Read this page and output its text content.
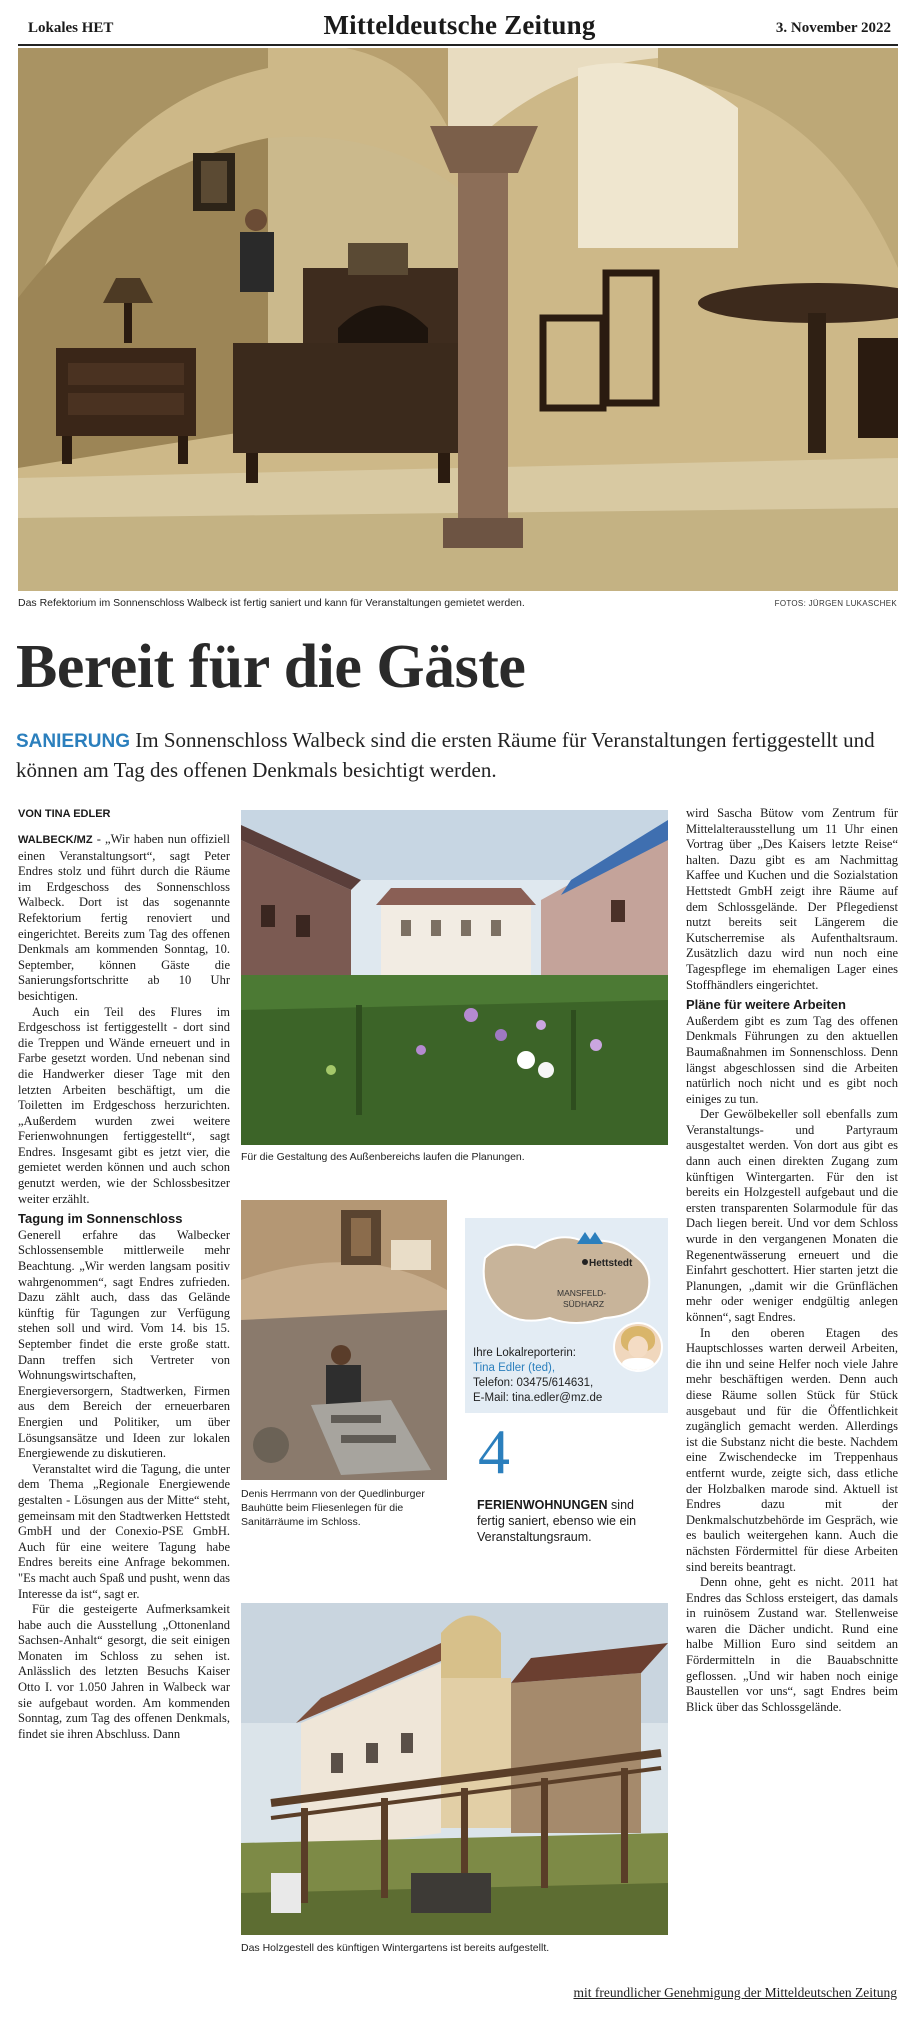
Lokales HET	Mitteldeutsche Zeitung	3. November 2022
Das Refektorium im Sonnenschloss Walbeck ist fertig saniert und kann für Veranstaltungen gemietet werden.	FOTOS: JÜRGEN LUKASCHEK
Bereit für die Gäste
SANIERUNG Im Sonnenschloss Walbeck sind die ersten Räume für Veranstaltungen fertiggestellt und können am Tag des offenen Denkmals besichtigt werden.
VON TINA EDLER

WALBECK/MZ - „Wir haben nun offiziell einen Veranstaltungsort“, sagt Peter Endres stolz und führt durch die Räume im Erdgeschoss des Sonnenschloss Walbeck. Dort ist das sogenannte Refektorium fertig renoviert und eingerichtet. Bereits zum Tag des offenen Denkmals am kommenden Sonntag, 10. September, können Gäste die Sanierungsfortschritte ab 10 Uhr besichtigen.

Auch ein Teil des Flures im Erdgeschoss ist fertiggestellt - dort sind die Treppen und Wände erneuert und in Farbe gesetzt worden. Und nebenan sind die Handwerker dieser Tage mit den letzten Arbeiten beschäftigt, um die Toiletten im Erdgeschoss herzurichten. „Außerdem wurden zwei weitere Ferienwohnungen fertiggestellt“, sagt Endres. Insgesamt gibt es jetzt vier, die gemietet werden können und auch schon genutzt werden, wie der Schlossbesitzer weiter erzählt.

Tagung im Sonnenschloss

Generell erfahre das Walbecker Schlossensemble mittlerweile mehr Beachtung. „Wir werden langsam positiv wahrgenommen“, sagt Endres zufrieden. Dazu zählt auch, dass das Gelände künftig für Tagungen zur Verfügung stehen soll und wird. Vom 14. bis 15. September findet die erste große statt. Dann treffen sich Vertreter von Wohnungswirtschaften, Energieversorgern, Stadtwerken, Firmen aus dem Bereich der erneuerbaren Energien und Politiker, um über Lösungsansätze und Ideen zur lokalen Energiewende zu diskutieren.

Veranstaltet wird die Tagung, die unter dem Thema „Regionale Energiewende gestalten - Lösungen aus der Mitte“ steht, gemeinsam mit den Stadtwerken Hettstedt GmbH und der Conexio-PSE GmbH. Auch für eine weitere Tagung habe Endres bereits eine Anfrage bekommen. "Es macht auch Spaß und pusht, wenn das Interesse da ist“, sagt er.

Für die gesteigerte Aufmerksamkeit habe auch die Ausstellung „Ottonenland Sachsen-Anhalt“ gesorgt, die seit einigen Monaten im Schloss zu sehen ist. Anlässlich des letzten Besuchs Kaiser Otto I. vor 1.050 Jahren in Walbeck war sie aufgebaut worden. Am kommenden Sonntag, zum Tag des offenen Denkmals, findet sie ihren Abschluss. Dann

Für die Gestaltung des Außenbereichs laufen die Planungen.
Denis Herrmann von der Quedlinburger Bauhütte beim Fliesenlegen für die Sanitärräume im Schloss.
Hettstedt
MANSFELD-
SÜDHARZ
Ihre Lokalreporterin:
Tina Edler (ted),
Telefon: 03475/614631,
E-Mail: tina.edler@mz.de
4
FERIENWOHNUNGEN sind fertig saniert, ebenso wie ein Veranstaltungsraum.
Das Holzgestell des künftigen Wintergartens ist bereits aufgestellt.

wird Sascha Bütow vom Zentrum für Mittelalterausstellung um 11 Uhr einen Vortrag über „Des Kaisers letzte Reise“ halten. Dazu gibt es am Nachmittag Kaffee und Kuchen und die Sozialstation Hettstedt GmbH zeigt ihre Räume auf dem Schlossgelände. Der Pflegedienst nutzt bereits seit Längerem die Kutscherremise als Aufenthaltsraum. Zusätzlich dazu wird nun noch eine Tagespflege im ehemaligen Lager eines Stoffhändlers eingerichtet.

Pläne für weitere Arbeiten

Außerdem gibt es zum Tag des offenen Denkmals Führungen zu den aktuellen Baumaßnahmen im Sonnenschloss. Denn längst abgeschlossen sind die Arbeiten natürlich noch nicht und es gibt noch einiges zu tun.

Der Gewölbekeller soll ebenfalls zum Veranstaltungs- und Partyraum ausgestaltet werden. Von dort aus gibt es dann auch einen direkten Zugang zum künftigen Wintergarten. Für den ist bereits ein Holzgestell aufgebaut und die ersten transparenten Solarmodule für das Dach liegen bereit. Und vor dem Schloss wurde in den vergangenen Monaten die Regenentwässerung erneuert und die Einfahrt geschottert. Hier starten jetzt die Planungen, „damit wir die Grünflächen mehr oder weniger endgültig anlegen können“, sagt Endres.

In den oberen Etagen des Hauptschlosses warten derweil Arbeiten, die ihn und seine Helfer noch viele Jahre mehr beschäftigen werden. Denn auch diese Räume sollen Stück für Stück ausgebaut und für die Öffentlichkeit zugänglich gemacht werden. Allerdings ist die Substanz nicht die beste. Nachdem eine Zwischendecke im Treppenhaus entfernt wurde, zeigte sich, dass etliche der Holzbalken marode sind. Aktuell ist Endres dazu mit der Denkmalschutzbehörde im Gespräch, wie es baulich weitergehen kann. Auch die nächsten Fördermittel für diese Arbeiten sind bereits beantragt.

Denn ohne, geht es nicht. 2011 hat Endres das Schloss ersteigert, das damals in ruinösem Zustand war. Stellenweise waren die Dächer undicht. Rund eine halbe Million Euro sind seitdem an Fördermitteln in die Bauabschnitte geflossen. „Und wir haben noch einige Baustellen vor uns“, sagt Endres beim Blick über das Schlossgelände.

mit freundlicher Genehmigung der Mitteldeutschen Zeitung
